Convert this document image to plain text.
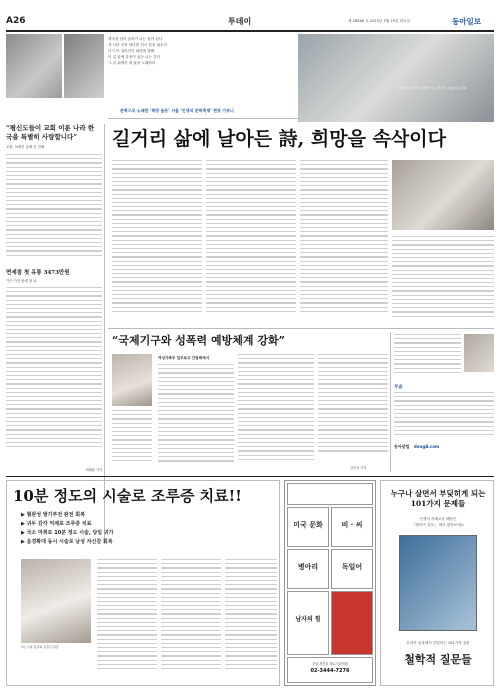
A26	투데이	제 28566 호 2013년 3월 19일 화요일	동아일보
계곡을 넘어 올라가 나는 꽃이 된다
저 너머 산과 바다를 건너 꽃을 피우리
다시 또 걸어간다 희망을 향해
이 길 끝에 무엇이 있든 나는 간다
그 길 위에서 새 날을 노래하리
‘희망의 인문학’ 교실에서 노숙인들이 시를 읽고 있다.
문학으로 노래한 ‘희망 율동’ 서울 ‘인생의 문학축제’ 현장 가보니
“평신도들이 교회 이룬 나라 한국을 특별히 사랑합니다”
교황, 보좌진 통해 뜻 전해
면세점 첫 유통 3473만원
가구·가전 판매 첫 날
최혜린 기자
길거리 삶에 날아든 詩, 희망을 속삭이다
“국제기구와 성폭력 예방체계 강화”
여성가족부 업무보고 간담회에서
김민지 기자
부음
동아닷컴 dongA.com
10분 정도의 시술로 조루증 치료!!
▶ 혈관성 발기부전 완전 회복
▶ 귀두 감각 억제로 조루증 치료
▶ 국소 마취로 10분 정도 시술, 당일 귀가
▶ 음경확대 동시 시술로 남성 자신감 회복
비뇨기과 전문의 김정진 원장
미국 문화	비 · 씨
병아리	독일어
남자의 힘
강남 정진호 비뇨기과의원
02-3444-7276
누구나 살면서 부딪히게 되는 101가지 문제들
인생의 지혜로운 해답은
『철학적 질문』 에서 찾아보세요
우리가 일상에서 부딪히는 101가지 질문
철학적 질문들
